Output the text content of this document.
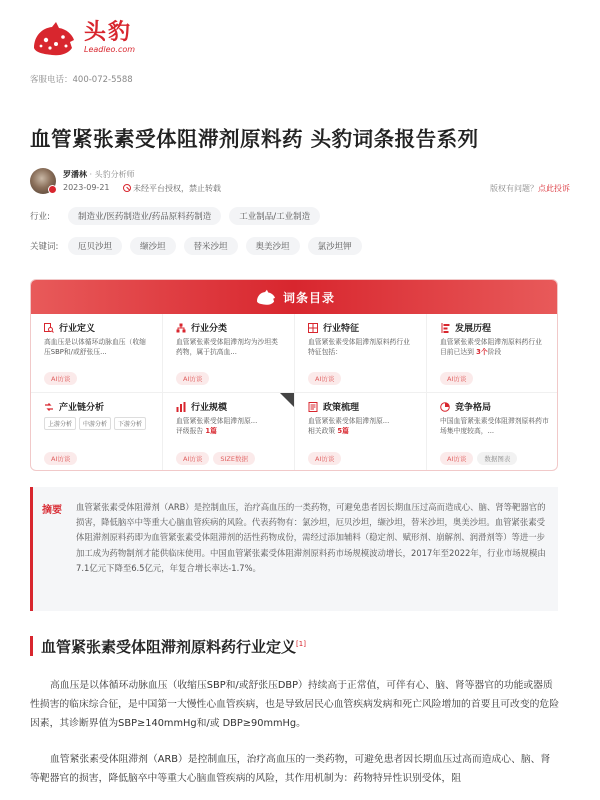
头豹
Leadleo.com
客服电话：400-072-5588
血管紧张素受体阻滞剂原料药 头豹词条报告系列
罗潘林 · 头豹分析师
2023-09-21	未经平台授权，禁止转载	版权有问题？点此投诉
行业:	制造业/医药制造业/药品原料药制造	工业制品/工业制造
关键词:	厄贝沙坦	缬沙坦	替米沙坦	奥美沙坦	氯沙坦钾
词条目录
行业定义
高血压是以体循环动脉血压（收缩压SBP和/或舒张压...
AI访谈
行业分类
血管紧张素受体阻滞剂均为沙坦类药物，属于抗高血...
AI访谈
行业特征
血管紧张素受体阻滞剂原料药行业特征包括：
AI访谈
发展历程
血管紧张素受体阻滞剂原料药行业
目前已达到 3个阶段
AI访谈
产业链分析
上游分析	中游分析	下游分析
AI访谈
行业规模
血管紧张素受体阻滞剂原...
评级报告 1篇
AI访谈	SIZE数据
政策梳理
血管紧张素受体阻滞剂原...
相关政策 5篇
AI访谈
竞争格局
中国血管紧张素受体阻滞剂原料药市场集中度较高，...
AI访谈	数据图表
摘要 血管紧张素受体阻滞剂（ARB）是控制血压，治疗高血压的一类药物，可避免患者因长期血压过高而造成心、脑、肾等靶器官的损害，降低脑卒中等重大心脑血管疾病的风险。代表药物有：氯沙坦，厄贝沙坦，缬沙坦，替米沙坦，奥美沙坦。血管紧张素受体阻滞剂原料药即为血管紧张素受体阻滞剂的活性药物成份，需经过添加辅料（稳定剂、赋形剂、崩解剂、润滑剂等）等进一步加工成为药物制剂才能供临床使用。中国血管紧张素受体阻滞剂原料药市场规模波动增长，2017年至2022年，行业市场规模由7.1亿元下降至6.5亿元，年复合增长率达-1.7%。
血管紧张素受体阻滞剂原料药行业定义[1]
高血压是以体循环动脉血压（收缩压SBP和/或舒张压DBP）持续高于正常值，可伴有心、脑、肾等器官的功能或器质性损害的临床综合征，是中国第一大慢性心血管疾病，也是导致居民心血管疾病发病和死亡风险增加的首要且可改变的危险因素，其诊断界值为SBP≥140mmHg和/或 DBP≥90mmHg。
血管紧张素受体阻滞剂（ARB）是控制血压，治疗高血压的一类药物，可避免患者因长期血压过高而造成心、脑、肾等靶器官的损害，降低脑卒中等重大心脑血管疾病的风险，其作用机制为：药物特异性识别受体，阻
